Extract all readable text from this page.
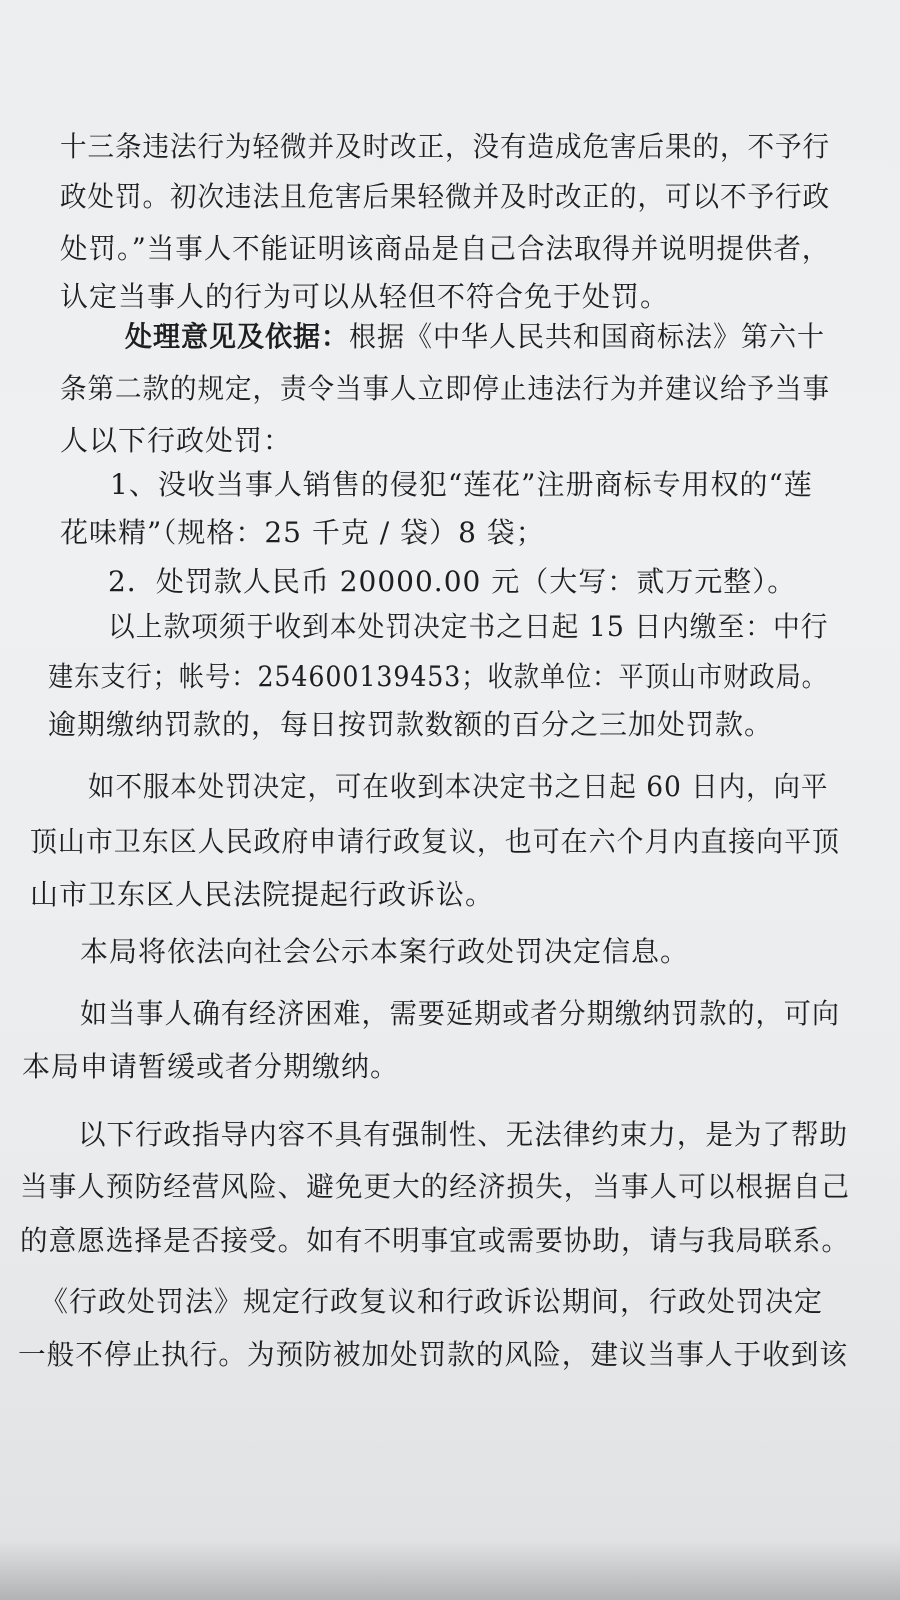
十三条违法行为轻微并及时改正，没有造成危害后果的，不予行
政处罚。初次违法且危害后果轻微并及时改正的，可以不予行政
处罚。”当事人不能证明该商品是自己合法取得并说明提供者，
认定当事人的行为可以从轻但不符合免于处罚。
处理意见及依据：根据《中华人民共和国商标法》第六十
条第二款的规定，责令当事人立即停止违法行为并建议给予当事
人以下行政处罚：
1、没收当事人销售的侵犯“莲花”注册商标专用权的“莲
花味精”（规格：25 千克 / 袋）8 袋；
2．处罚款人民币 20000.00 元（大写：贰万元整）。
以上款项须于收到本处罚决定书之日起 15 日内缴至：中行
建东支行；帐号：254600139453；收款单位：平顶山市财政局。
逾期缴纳罚款的，每日按罚款数额的百分之三加处罚款。
如不服本处罚决定，可在收到本决定书之日起 60 日内，向平
顶山市卫东区人民政府申请行政复议，也可在六个月内直接向平顶
山市卫东区人民法院提起行政诉讼。
本局将依法向社会公示本案行政处罚决定信息。
如当事人确有经济困难，需要延期或者分期缴纳罚款的，可向
本局申请暂缓或者分期缴纳。
以下行政指导内容不具有强制性、无法律约束力，是为了帮助
当事人预防经营风险、避免更大的经济损失，当事人可以根据自己
的意愿选择是否接受。如有不明事宜或需要协助，请与我局联系。
《行政处罚法》规定行政复议和行政诉讼期间，行政处罚决定
一般不停止执行。为预防被加处罚款的风险，建议当事人于收到该
